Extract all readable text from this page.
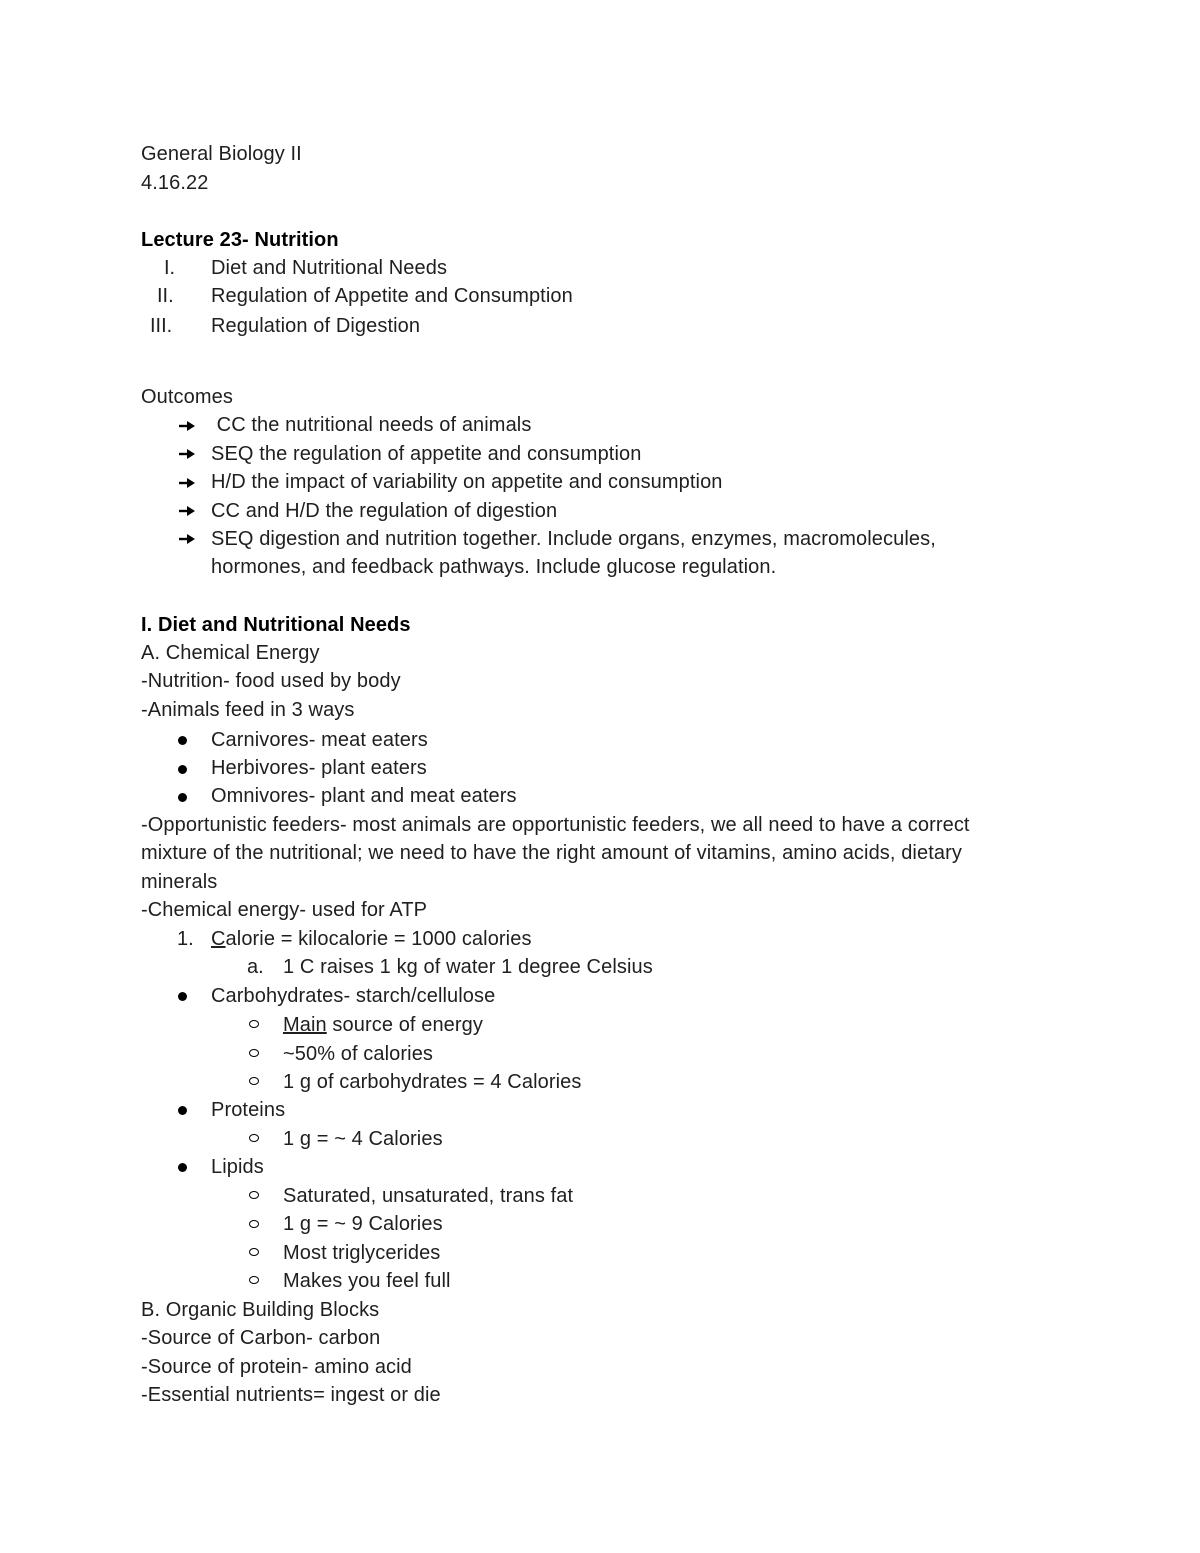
General Biology II
4.16.22
Lecture 23- Nutrition
I. Diet and Nutritional Needs
II. Regulation of Appetite and Consumption
III. Regulation of Digestion
Outcomes
CC the nutritional needs of animals
SEQ the regulation of appetite and consumption
H/D the impact of variability on appetite and consumption
CC and H/D the regulation of digestion
SEQ digestion and nutrition together. Include organs, enzymes, macromolecules,
hormones, and feedback pathways. Include glucose regulation.
I. Diet and Nutritional Needs
A. Chemical Energy
-Nutrition- food used by body
-Animals feed in 3 ways
Carnivores- meat eaters
Herbivores- plant eaters
Omnivores- plant and meat eaters
-Opportunistic feeders- most animals are opportunistic feeders, we all need to have a correct
mixture of the nutritional; we need to have the right amount of vitamins, amino acids, dietary
minerals
-Chemical energy- used for ATP
1. Calorie = kilocalorie = 1000 calories
a. 1 C raises 1 kg of water 1 degree Celsius
Carbohydrates- starch/cellulose
Main source of energy
~50% of calories
1 g of carbohydrates = 4 Calories
Proteins
1 g = ~ 4 Calories
Lipids
Saturated, unsaturated, trans fat
1 g = ~ 9 Calories
Most triglycerides
Makes you feel full
B. Organic Building Blocks
-Source of Carbon- carbon
-Source of protein- amino acid
-Essential nutrients= ingest or die
